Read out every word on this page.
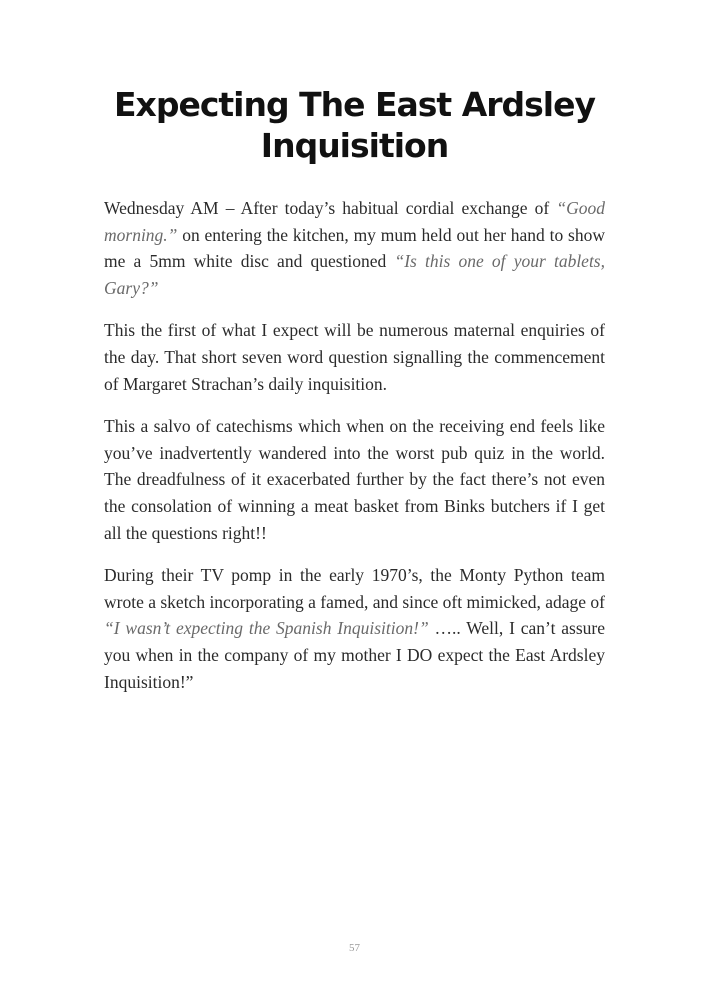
Expecting The East Ardsley Inquisition

Wednesday AM – After today’s habitual cordial exchange of “Good morning.” on entering the kitchen, my mum held out her hand to show me a 5mm white disc and questioned “Is this one of your tablets, Gary?”

This the first of what I expect will be numerous maternal enquiries of the day. That short seven word question signalling the commencement of Margaret Strachan’s daily inquisition.

This a salvo of catechisms which when on the receiving end feels like you’ve inadvertently wandered into the worst pub quiz in the world. The dreadfulness of it exacerbated further by the fact there’s not even the consolation of winning a meat basket from Binks butchers if I get all the questions right!!

During their TV pomp in the early 1970’s, the Monty Python team wrote a sketch incorporating a famed, and since oft mimicked, adage of “I wasn’t expecting the Spanish Inquisition!” ….. Well, I can’t assure you when in the company of my mother I DO expect the East Ardsley Inquisition!”

57
